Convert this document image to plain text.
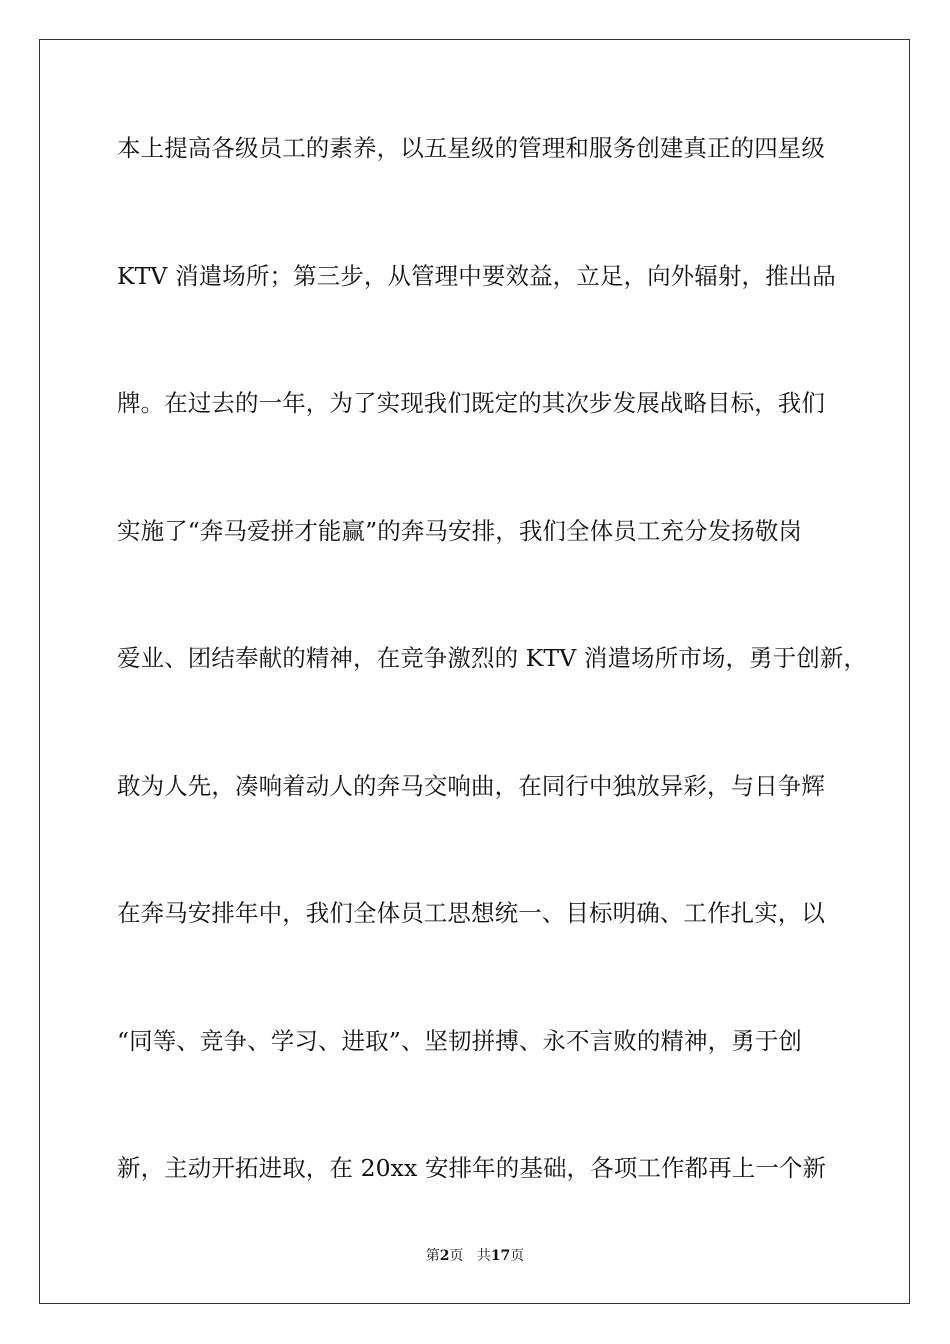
本上提高各级员工的素养，以五星级的管理和服务创建真正的四星级
KTV 消遣场所；第三步，从管理中要效益，立足，向外辐射，推出品
牌。在过去的一年，为了实现我们既定的其次步发展战略目标，我们
实施了“奔马爱拼才能赢”的奔马安排，我们全体员工充分发扬敬岗
爱业、团结奉献的精神，在竞争激烈的 KTV 消遣场所市场，勇于创新，
敢为人先，凑响着动人的奔马交响曲，在同行中独放异彩，与日争辉
在奔马安排年中，我们全体员工思想统一、目标明确、工作扎实，以
“同等、竞争、学习、进取”、坚韧拼搏、永不言败的精神，勇于创
新，主动开拓进取，在 20xx 安排年的基础，各项工作都再上一个新
第2页 共17页
